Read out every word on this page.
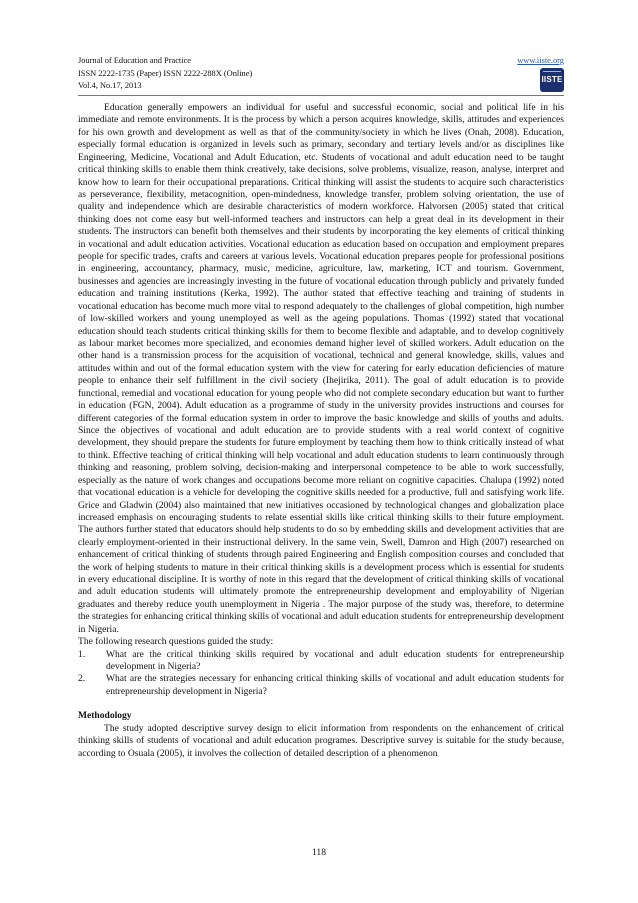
Journal of Education and Practice
ISSN 2222-1735 (Paper) ISSN 2222-288X (Online)
Vol.4, No.17, 2013
www.iiste.org
IISTE

Education generally empowers an individual for useful and successful economic, social and political life in his immediate and remote environments. It is the process by which a person acquires knowledge, skills, attitudes and experiences for his own growth and development as well as that of the community/society in which he lives (Onah, 2008). Education, especially formal education is organized in levels such as primary, secondary and tertiary levels and/or as disciplines like Engineering, Medicine, Vocational and Adult Education, etc. Students of vocational and adult education need to be taught critical thinking skills to enable them think creatively, take decisions, solve problems, visualize, reason, analyse, interpret and know how to learn for their occupational preparations. Critical thinking will assist the students to acquire such characteristics as perseverance, flexibility, metacognition, open-mindedness, knowledge transfer, problem solving orientation, the use of quality and independence which are desirable characteristics of modern workforce. Halvorsen (2005) stated that critical thinking does not come easy but well-informed teachers and instructors can help a great deal in its development in their students. The instructors can benefit both themselves and their students by incorporating the key elements of critical thinking in vocational and adult education activities. Vocational education as education based on occupation and employment prepares people for specific trades, crafts and careers at various levels. Vocational education prepares people for professional positions in engineering, accountancy, pharmacy, music, medicine, agriculture, law, marketing, ICT and tourism. Government, businesses and agencies are increasingly investing in the future of vocational education through publicly and privately funded education and training institutions (Kerka, 1992). The author stated that effective teaching and training of students in vocational education has become much more vital to respond adequately to the challenges of global competition, high number of low-skilled workers and young unemployed as well as the ageing populations. Thomas (1992) stated that vocational education should teach students critical thinking skills for them to become flexible and adaptable, and to develop cognitively as labour market becomes more specialized, and economies demand higher level of skilled workers. Adult education on the other hand is a transmission process for the acquisition of vocational, technical and general knowledge, skills, values and attitudes within and out of the formal education system with the view for catering for early education deficiencies of mature people to enhance their self fulfillment in the civil society (Ihejirika, 2011). The goal of adult education is to provide functional, remedial and vocational education for young people who did not complete secondary education but want to further in education (FGN, 2004). Adult education as a programme of study in the university provides instructions and courses for different categories of the formal education system in order to improve the basic knowledge and skills of youths and adults. Since the objectives of vocational and adult education are to provide students with a real world context of cognitive development, they should prepare the students for future employment by teaching them how to think critically instead of what to think. Effective teaching of critical thinking will help vocational and adult education students to learn continuously through thinking and reasoning, problem solving, decision-making and interpersonal competence to be able to work successfully, especially as the nature of work changes and occupations become more reliant on cognitive capacities. Chalupa (1992) noted that vocational education is a vehicle for developing the cognitive skills needed for a productive, full and satisfying work life. Grice and Gladwin (2004) also maintained that new initiatives occasioned by technological changes and globalization place increased emphasis on encouraging students to relate essential skills like critical thinking skills to their future employment. The authors further stated that educators should help students to do so by embedding skills and development activities that are clearly employment-oriented in their instructional delivery. In the same vein, Swell, Damron and High (2007) researched on enhancement of critical thinking of students through paired Engineering and English composition courses and concluded that the work of helping students to mature in their critical thinking skills is a development process which is essential for students in every educational discipline. It is worthy of note in this regard that the development of critical thinking skills of vocational and adult education students will ultimately promote the entrepreneurship development and employability of Nigerian graduates and thereby reduce youth unemployment in Nigeria . The major purpose of the study was, therefore, to determine the strategies for enhancing critical thinking skills of vocational and adult education students for entrepreneurship development in Nigeria.

The following research questions guided the study:

1.	What are the critical thinking skills required by vocational and adult education students for entrepreneurship development in Nigeria?
2.	What are the strategies necessary for enhancing critical thinking skills of vocational and adult education students for entrepreneurship development in Nigeria?

Methodology

The study adopted descriptive survey design to elicit information from respondents on the enhancement of critical thinking skills of students of vocational and adult education programes. Descriptive survey is suitable for the study because, according to Osuala (2005), it involves the collection of detailed description of a phenomenon

118
